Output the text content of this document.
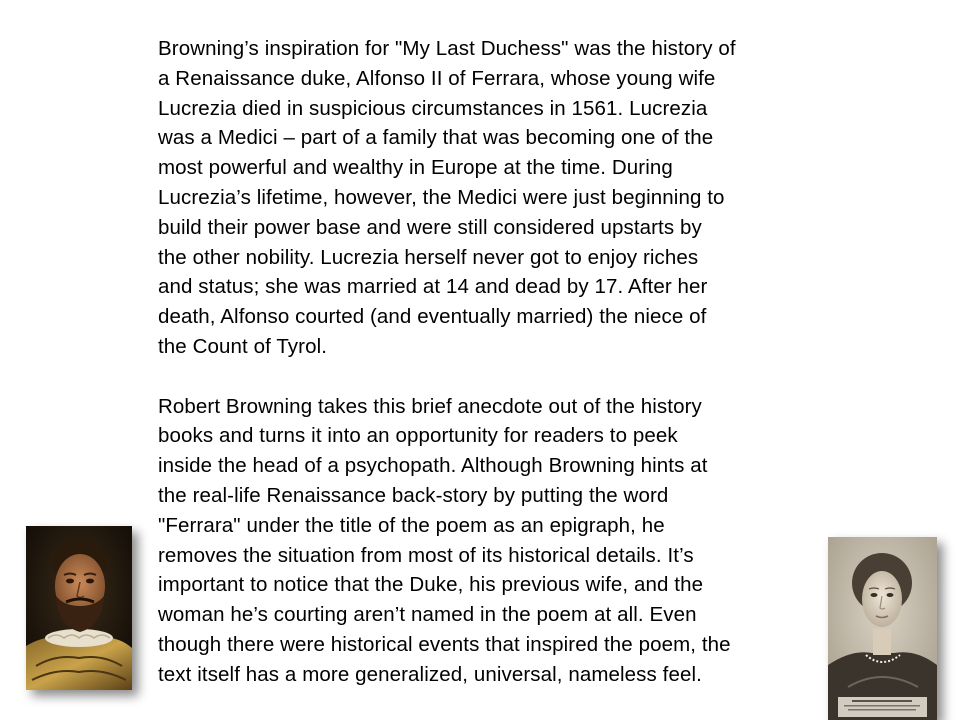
Browning’s inspiration for "My Last Duchess" was the history of

a Renaissance duke, Alfonso II of Ferrara, whose young wife

Lucrezia died in suspicious circumstances in 1561. Lucrezia

was a Medici – part of a family that was becoming one of the

most powerful and wealthy in Europe at the time. During

Lucrezia’s lifetime, however, the Medici were just beginning to

build their power base and were still considered upstarts by

the other nobility. Lucrezia herself never got to enjoy riches

and status; she was married at 14 and dead by 17. After her

death, Alfonso courted (and eventually married) the niece of

the Count of Tyrol.

Robert Browning takes this brief anecdote out of the history

books and turns it into an opportunity for readers to peek

inside the head of a psychopath. Although Browning hints at

the real-life Renaissance back-story by putting the word

"Ferrara" under the title of the poem as an epigraph, he

removes the situation from most of its historical details. It’s

important to notice that the Duke, his previous wife, and the

woman he’s courting aren’t named in the poem at all. Even

though there were historical events that inspired the poem, the

text itself has a more generalized, universal, nameless feel.
